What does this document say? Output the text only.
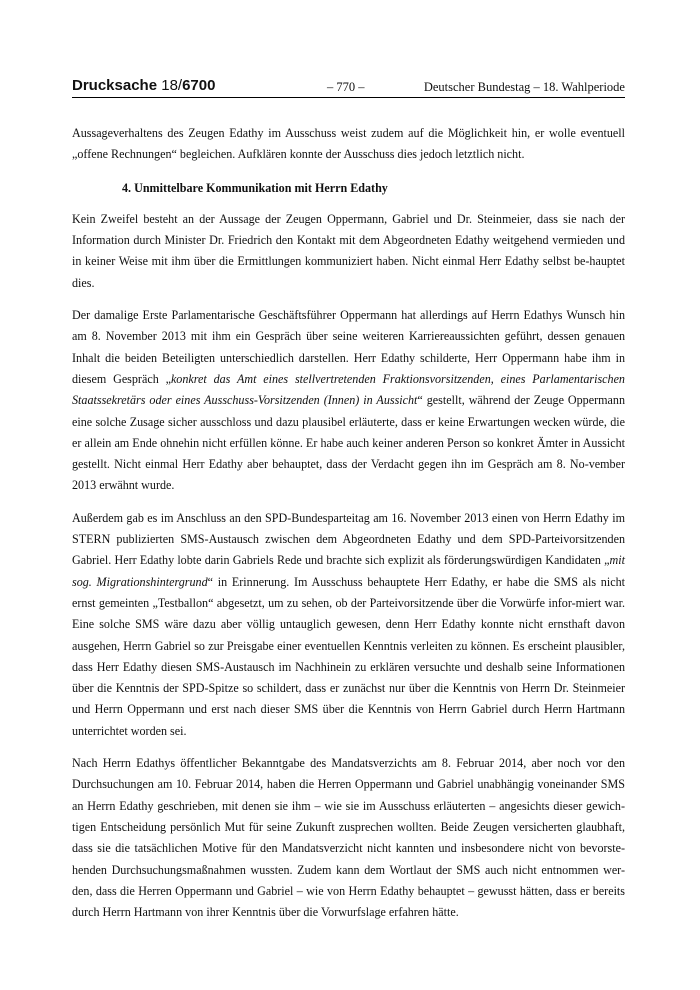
Drucksache 18/6700	– 770 –	Deutscher Bundestag – 18. Wahlperiode

Aussageverhaltens des Zeugen Edathy im Ausschuss weist zudem auf die Möglichkeit hin, er wolle eventuell „offene Rechnungen“ begleichen. Aufklären konnte der Ausschuss dies jedoch letztlich nicht.

4. Unmittelbare Kommunikation mit Herrn Edathy

Kein Zweifel besteht an der Aussage der Zeugen Oppermann, Gabriel und Dr. Steinmeier, dass sie nach der Information durch Minister Dr. Friedrich den Kontakt mit dem Abgeordneten Edathy weitgehend vermieden und in keiner Weise mit ihm über die Ermittlungen kommuniziert haben. Nicht einmal Herr Edathy selbst be-hauptet dies.

Der damalige Erste Parlamentarische Geschäftsführer Oppermann hat allerdings auf Herrn Edathys Wunsch hin am 8. November 2013 mit ihm ein Gespräch über seine weiteren Karriereaussichten geführt, dessen genauen Inhalt die beiden Beteiligten unterschiedlich darstellen. Herr Edathy schilderte, Herr Oppermann habe ihm in diesem Gespräch „konkret das Amt eines stellvertretenden Fraktionsvorsitzenden, eines Parlamentarischen Staatssekretärs oder eines Ausschuss-Vorsitzenden (Innen) in Aussicht“ gestellt, während der Zeuge Oppermann eine solche Zusage sicher ausschloss und dazu plausibel erläuterte, dass er keine Erwartungen wecken würde, die er allein am Ende ohnehin nicht erfüllen könne. Er habe auch keiner anderen Person so konkret Ämter in Aussicht gestellt. Nicht einmal Herr Edathy aber behauptet, dass der Verdacht gegen ihn im Gespräch am 8. No-vember 2013 erwähnt wurde.

Außerdem gab es im Anschluss an den SPD-Bundesparteitag am 16. November 2013 einen von Herrn Edathy im STERN publizierten SMS-Austausch zwischen dem Abgeordneten Edathy und dem SPD-Parteivorsitzenden Gabriel. Herr Edathy lobte darin Gabriels Rede und brachte sich explizit als förderungswürdigen Kandidaten „mit sog. Migrationshintergrund“ in Erinnerung. Im Ausschuss behauptete Herr Edathy, er habe die SMS als nicht ernst gemeinten „Testballon“ abgesetzt, um zu sehen, ob der Parteivorsitzende über die Vorwürfe infor-miert war. Eine solche SMS wäre dazu aber völlig untauglich gewesen, denn Herr Edathy konnte nicht ernsthaft davon ausgehen, Herrn Gabriel so zur Preisgabe einer eventuellen Kenntnis verleiten zu können. Es erscheint plausibler, dass Herr Edathy diesen SMS-Austausch im Nachhinein zu erklären versuchte und deshalb seine Informationen über die Kenntnis der SPD-Spitze so schildert, dass er zunächst nur über die Kenntnis von Herrn Dr. Steinmeier und Herrn Oppermann und erst nach dieser SMS über die Kenntnis von Herrn Gabriel durch Herrn Hartmann unterrichtet worden sei.

Nach Herrn Edathys öffentlicher Bekanntgabe des Mandatsverzichts am 8. Februar 2014, aber noch vor den Durchsuchungen am 10. Februar 2014, haben die Herren Oppermann und Gabriel unabhängig voneinander SMS an Herrn Edathy geschrieben, mit denen sie ihm – wie sie im Ausschuss erläuterten – angesichts dieser gewich-tigen Entscheidung persönlich Mut für seine Zukunft zusprechen wollten. Beide Zeugen versicherten glaubhaft, dass sie die tatsächlichen Motive für den Mandatsverzicht nicht kannten und insbesondere nicht von bevorste-henden Durchsuchungsmaßnahmen wussten. Zudem kann dem Wortlaut der SMS auch nicht entnommen wer-den, dass die Herren Oppermann und Gabriel – wie von Herrn Edathy behauptet – gewusst hätten, dass er bereits durch Herrn Hartmann von ihrer Kenntnis über die Vorwurfslage erfahren hätte.
